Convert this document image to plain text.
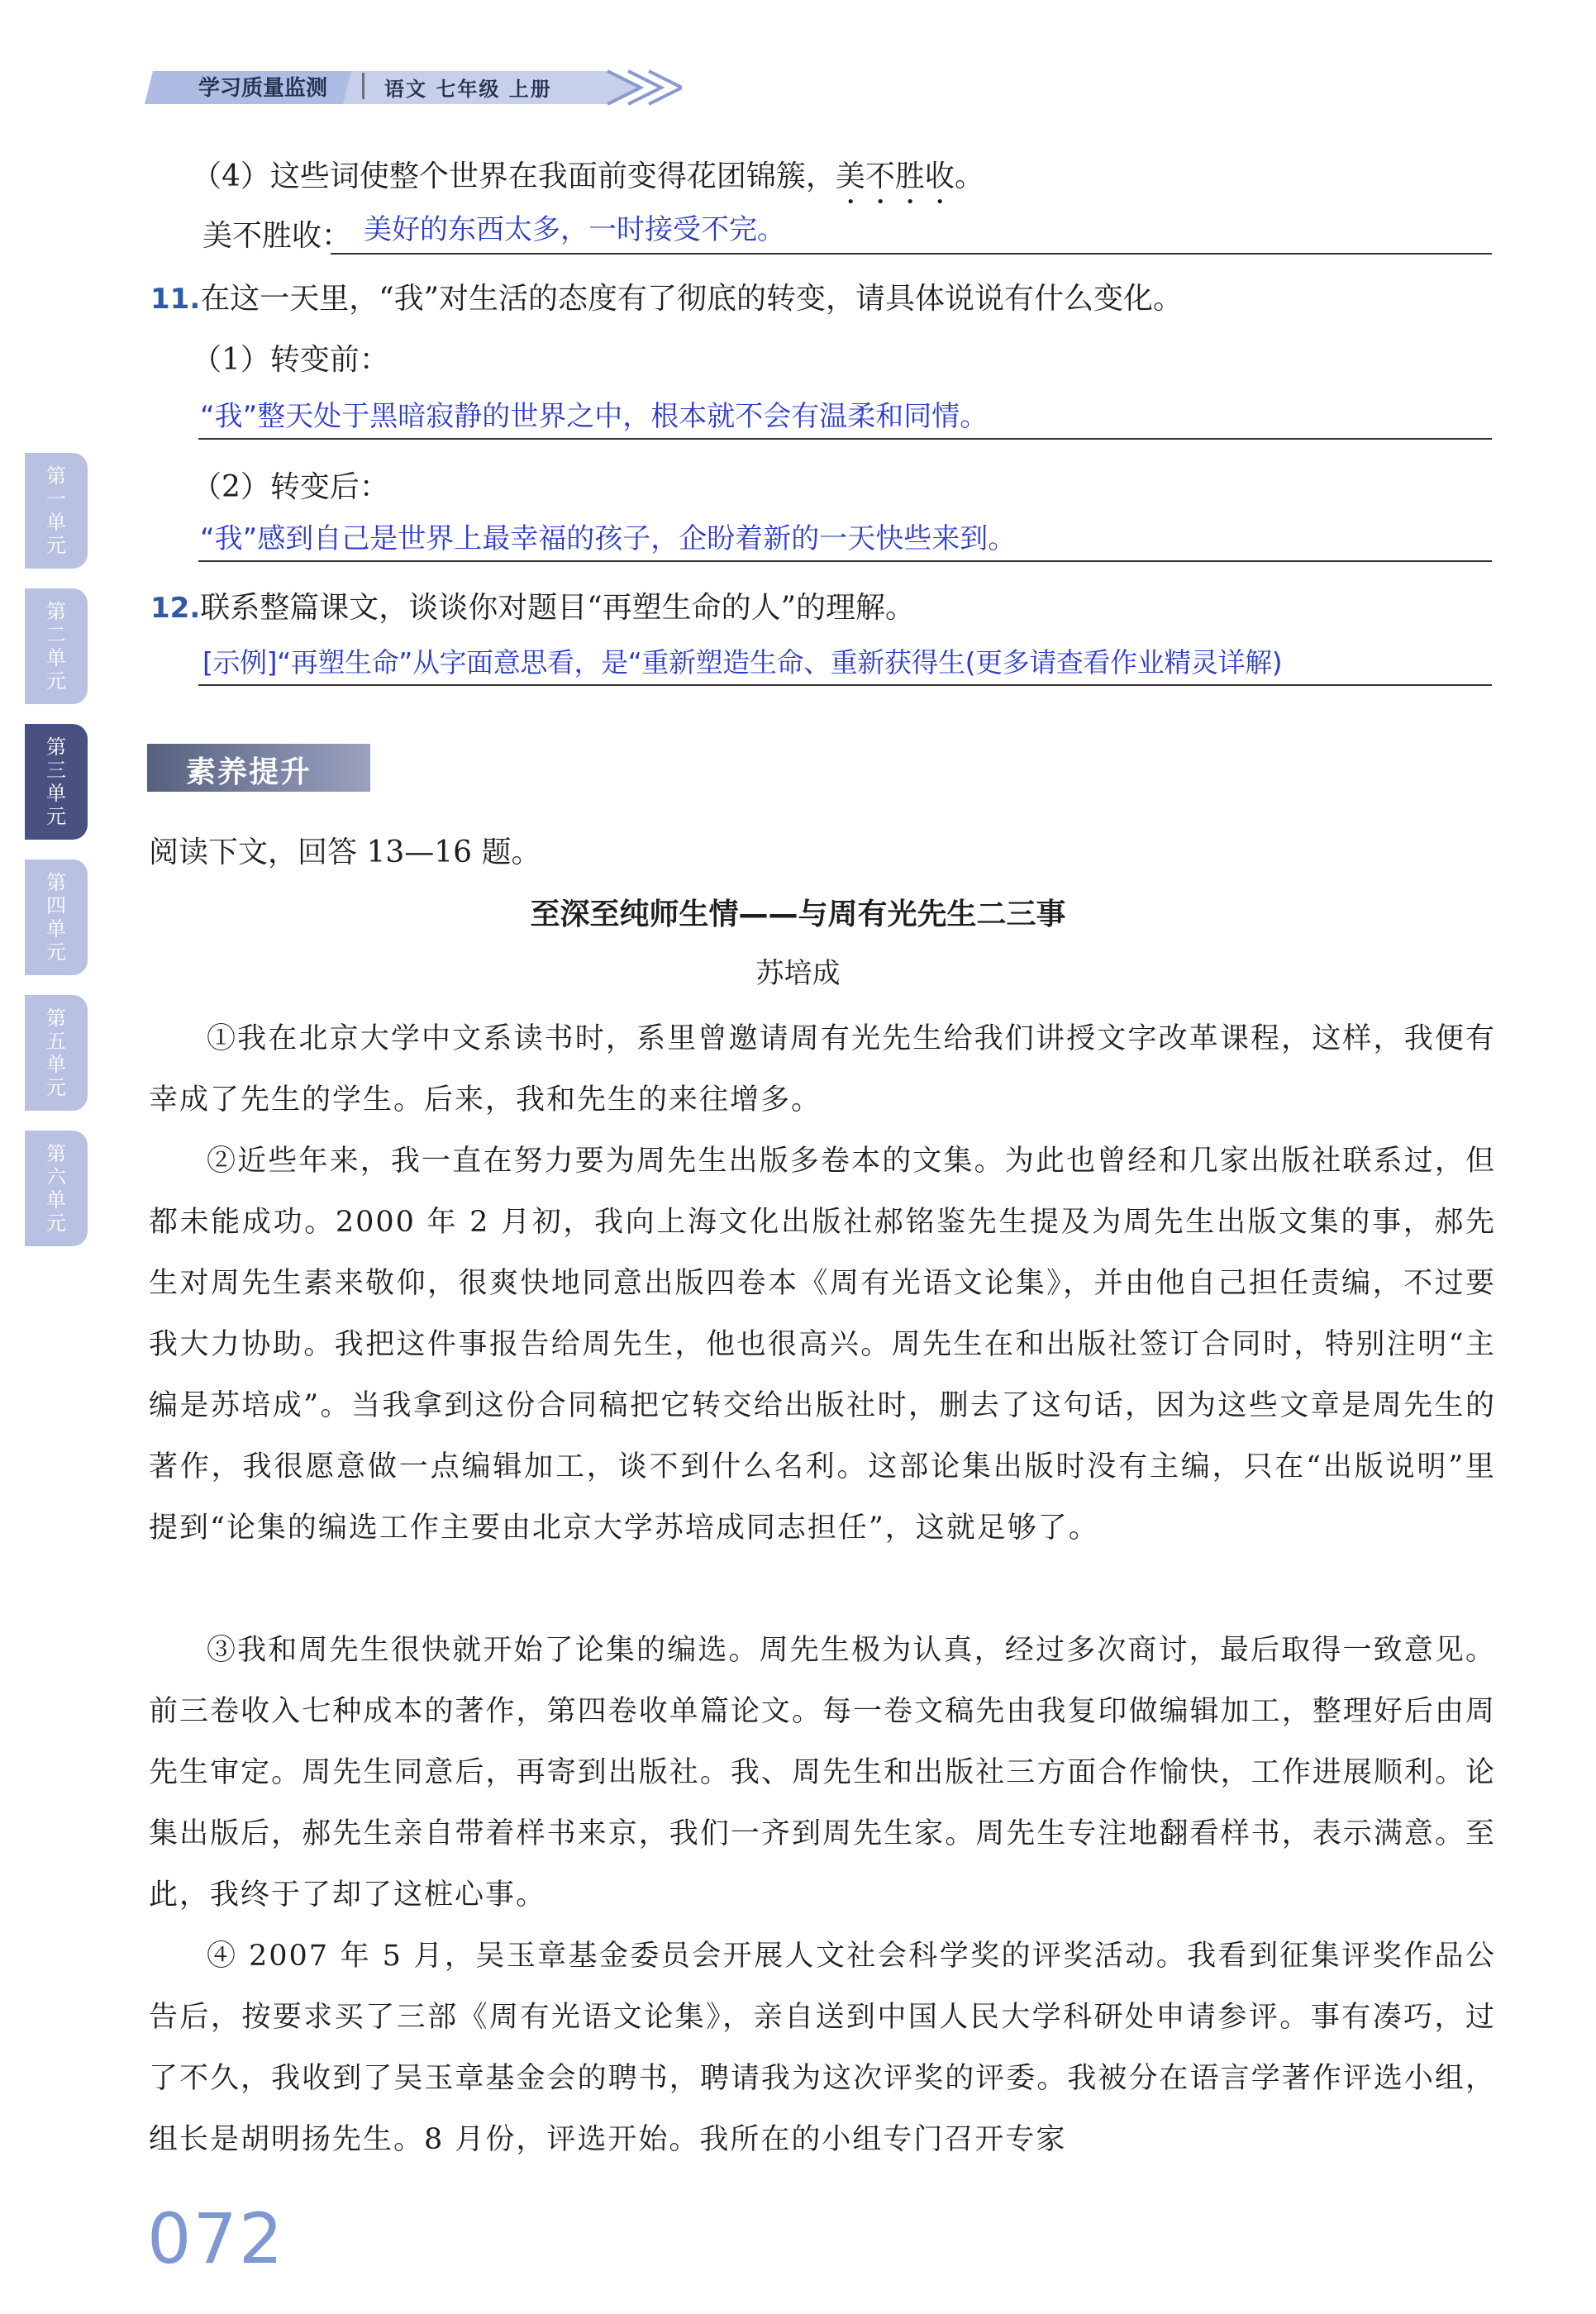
学习质量监测	语文 七年级 上册
第
一
单
元
第
二
单
元
第
三
单
元
第
四
单
元
第
五
单
元
第
六
单
元
（4）这些词使整个世界在我面前变得花团锦簇，美不胜收。
美不胜收： 美好的东西太多，一时接受不完。
11.在这一天里，“我”对生活的态度有了彻底的转变，请具体说说有什么变化。
（1）转变前：
“我”整天处于黑暗寂静的世界之中，根本就不会有温柔和同情。
（2）转变后：
“我”感到自己是世界上最幸福的孩子，企盼着新的一天快些来到。
12.联系整篇课文，谈谈你对题目“再塑生命的人”的理解。
[示例]“再塑生命”从字面意思看，是“重新塑造生命、重新获得生(更多请查看作业精灵详解)
素养提升
阅读下文，回答 13—16 题。
至深至纯师生情——与周有光先生二三事
苏培成
①我在北京大学中文系读书时，系里曾邀请周有光先生给我们讲授文字改革课程，这样，我便有幸成了先生的学生。后来，我和先生的来往增多。
②近些年来，我一直在努力要为周先生出版多卷本的文集。为此也曾经和几家出版社联系过，但都未能成功。2000 年 2 月初，我向上海文化出版社郝铭鉴先生提及为周先生出版文集的事，郝先生对周先生素来敬仰，很爽快地同意出版四卷本《周有光语文论集》，并由他自己担任责编，不过要我大力协助。我把这件事报告给周先生，他也很高兴。周先生在和出版社签订合同时，特别注明“主编是苏培成”。当我拿到这份合同稿把它转交给出版社时，删去了这句话，因为这些文章是周先生的著作，我很愿意做一点编辑加工，谈不到什么名利。这部论集出版时没有主编，只在“出版说明”里提到“论集的编选工作主要由北京大学苏培成同志担任”，这就足够了。
③我和周先生很快就开始了论集的编选。周先生极为认真，经过多次商讨，最后取得一致意见。前三卷收入七种成本的著作，第四卷收单篇论文。每一卷文稿先由我复印做编辑加工，整理好后由周先生审定。周先生同意后，再寄到出版社。我、周先生和出版社三方面合作愉快，工作进展顺利。论集出版后，郝先生亲自带着样书来京，我们一齐到周先生家。周先生专注地翻看样书，表示满意。至此，我终于了却了这桩心事。
④ 2007 年 5 月，吴玉章基金委员会开展人文社会科学奖的评奖活动。我看到征集评奖作品公告后，按要求买了三部《周有光语文论集》，亲自送到中国人民大学科研处申请参评。事有凑巧，过了不久，我收到了吴玉章基金会的聘书，聘请我为这次评奖的评委。我被分在语言学著作评选小组，组长是胡明扬先生。8 月份，评选开始。我所在的小组专门召开专家
072
